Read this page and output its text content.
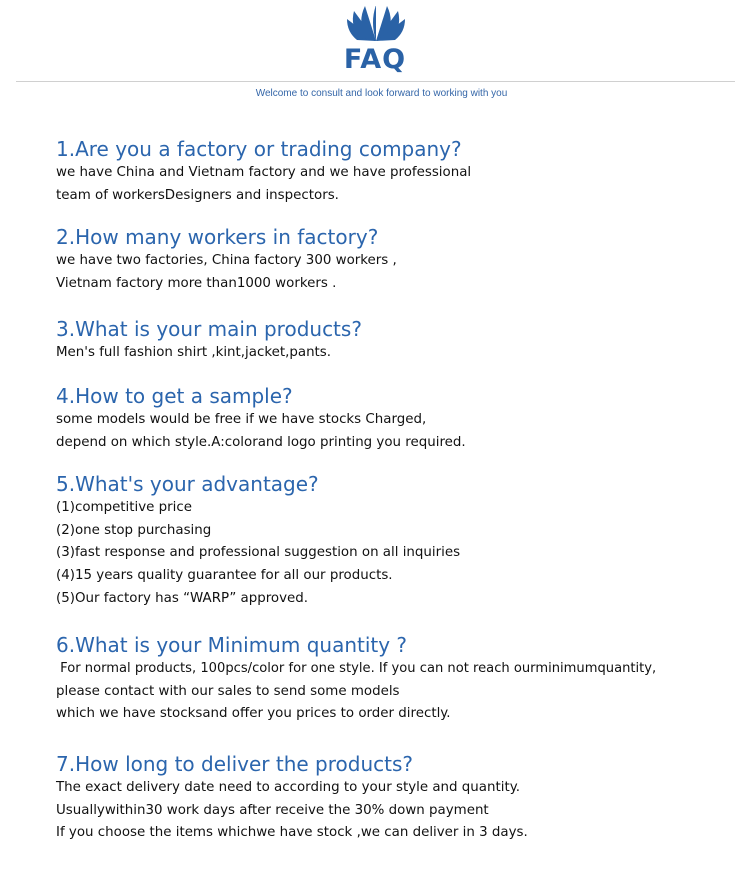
FAQ
Welcome to consult and look forward to working with you
1.Are you a factory or trading company?
we have China and Vietnam factory and we have professional
team of workersDesigners and inspectors.
2.How many workers in factory?
we have two factories, China factory 300 workers ,
Vietnam factory more than1000 workers .
3.What is your main products?
Men's full fashion shirt ,kint,jacket,pants.
4.How to get a sample?
some models would be free if we have stocks Charged,
depend on which style.A:colorand logo printing you required.
5.What's your advantage?
(1)competitive price
(2)one stop purchasing
(3)fast response and professional suggestion on all inquiries
(4)15 years quality guarantee for all our products.
(5)Our factory has “WARP” approved.
6.What is your Minimum quantity ?
For normal products, 100pcs/color for one style. If you can not reach ourminimumquantity,
please contact with our sales to send some models
which we have stocksand offer you prices to order directly.
7.How long to deliver the products?
The exact delivery date need to according to your style and quantity.
Usuallywithin30 work days after receive the 30% down payment
If you choose the items whichwe have stock ,we can deliver in 3 days.
